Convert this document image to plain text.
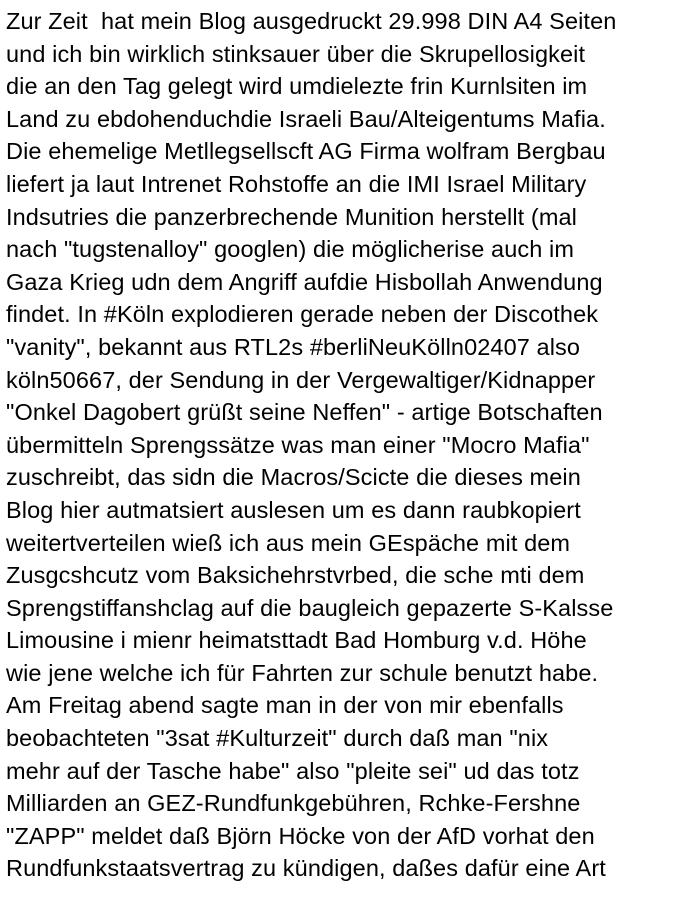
Zur Zeit  hat mein Blog ausgedruckt 29.998 DIN A4 Seiten
und ich bin wirklich stinksauer über die Skrupellosigkeit
die an den Tag gelegt wird umdielezte frin Kurnlsiten im
Land zu ebdohenduchdie Israeli Bau/Alteigentums Mafia.
Die ehemelige Metllegsellscft AG Firma wolfram Bergbau
liefert ja laut Intrenet Rohstoffe an die IMI Israel Military
Indsutries die panzerbrechende Munition herstellt (mal
nach "tugstenalloy" googlen) die möglicherise auch im
Gaza Krieg udn dem Angriff aufdie Hisbollah Anwendung
findet. In #Köln explodieren gerade neben der Discothek
"vanity", bekannt aus RTL2s #berliNeuKölln02407 also
köln50667, der Sendung in der Vergewaltiger/Kidnapper
"Onkel Dagobert grüßt seine Neffen" - artige Botschaften
übermitteln Sprengssätze was man einer "Mocro Mafia"
zuschreibt, das sidn die Macros/Scicte die dieses mein
Blog hier autmatsiert auslesen um es dann raubkopiert
weitertverteilen wieß ich aus mein GEspäche mit dem
Zusgcshcutz vom Baksichehrstvrbed, die sche mti dem
Sprengstiffanshclag auf die baugleich gepazerte S-Kalsse
Limousine i mienr heimatsttadt Bad Homburg v.d. Höhe
wie jene welche ich für Fahrten zur schule benutzt habe.
Am Freitag abend sagte man in der von mir ebenfalls
beobachteten "3sat #Kulturzeit" durch daß man "nix
mehr auf der Tasche habe" also "pleite sei" ud das totz
Milliarden an GEZ-Rundfunkgebühren, Rchke-Fershne
"ZAPP" meldet daß Björn Höcke von der AfD vorhat den
Rundfunkstaatsvertrag zu kündigen, daßes dafür eine Art
